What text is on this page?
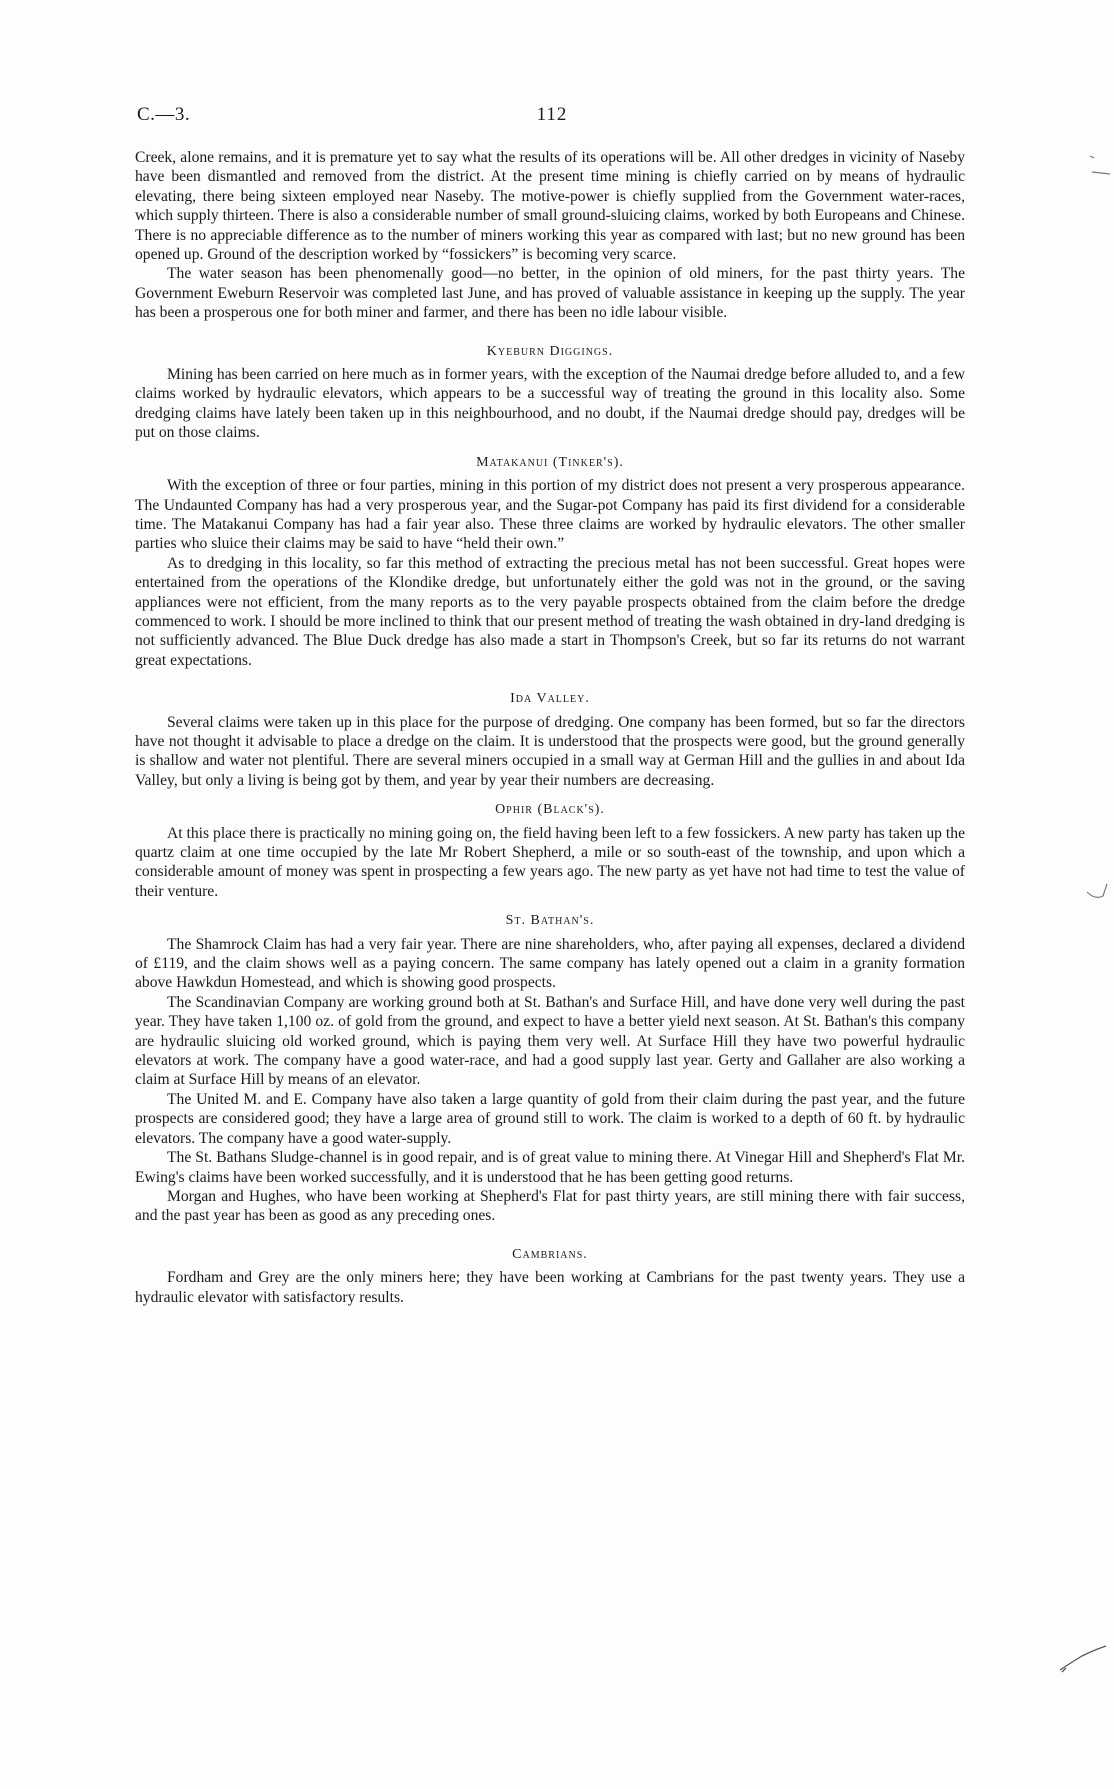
C.—3.	112

Creek, alone remains, and it is premature yet to say what the results of its operations will be. All other dredges in vicinity of Naseby have been dismantled and removed from the district. At the present time mining is chiefly carried on by means of hydraulic elevating, there being sixteen employed near Naseby. The motive-power is chiefly supplied from the Government water-races, which supply thirteen. There is also a considerable number of small ground-sluicing claims, worked by both Europeans and Chinese. There is no appreciable difference as to the number of miners working this year as compared with last; but no new ground has been opened up. Ground of the description worked by “fossickers” is becoming very scarce.

The water season has been phenomenally good—no better, in the opinion of old miners, for the past thirty years. The Government Eweburn Reservoir was completed last June, and has proved of valuable assistance in keeping up the supply. The year has been a prosperous one for both miner and farmer, and there has been no idle labour visible.

Kyeburn Diggings.

Mining has been carried on here much as in former years, with the exception of the Naumai dredge before alluded to, and a few claims worked by hydraulic elevators, which appears to be a successful way of treating the ground in this locality also. Some dredging claims have lately been taken up in this neighbourhood, and no doubt, if the Naumai dredge should pay, dredges will be put on those claims.

Matakanui (Tinker's).

With the exception of three or four parties, mining in this portion of my district does not present a very prosperous appearance. The Undaunted Company has had a very prosperous year, and the Sugar-pot Company has paid its first dividend for a considerable time. The Matakanui Company has had a fair year also. These three claims are worked by hydraulic elevators. The other smaller parties who sluice their claims may be said to have “held their own.”

As to dredging in this locality, so far this method of extracting the precious metal has not been successful. Great hopes were entertained from the operations of the Klondike dredge, but unfortunately either the gold was not in the ground, or the saving appliances were not efficient, from the many reports as to the very payable prospects obtained from the claim before the dredge commenced to work. I should be more inclined to think that our present method of treating the wash obtained in dry-land dredging is not sufficiently advanced. The Blue Duck dredge has also made a start in Thompson's Creek, but so far its returns do not warrant great expectations.

Ida Valley.

Several claims were taken up in this place for the purpose of dredging. One company has been formed, but so far the directors have not thought it advisable to place a dredge on the claim. It is understood that the prospects were good, but the ground generally is shallow and water not plentiful. There are several miners occupied in a small way at German Hill and the gullies in and about Ida Valley, but only a living is being got by them, and year by year their numbers are decreasing.

Ophir (Black's).

At this place there is practically no mining going on, the field having been left to a few fossickers. A new party has taken up the quartz claim at one time occupied by the late Mr Robert Shepherd, a mile or so south-east of the township, and upon which a considerable amount of money was spent in prospecting a few years ago. The new party as yet have not had time to test the value of their venture.

St. Bathan's.

The Shamrock Claim has had a very fair year. There are nine shareholders, who, after paying all expenses, declared a dividend of £119, and the claim shows well as a paying concern. The same company has lately opened out a claim in a granity formation above Hawkdun Homestead, and which is showing good prospects.

The Scandinavian Company are working ground both at St. Bathan's and Surface Hill, and have done very well during the past year. They have taken 1,100 oz. of gold from the ground, and expect to have a better yield next season. At St. Bathan's this company are hydraulic sluicing old worked ground, which is paying them very well. At Surface Hill they have two powerful hydraulic elevators at work. The company have a good water-race, and had a good supply last year. Gerty and Gallaher are also working a claim at Surface Hill by means of an elevator.

The United M. and E. Company have also taken a large quantity of gold from their claim during the past year, and the future prospects are considered good; they have a large area of ground still to work. The claim is worked to a depth of 60 ft. by hydraulic elevators. The company have a good water-supply.

The St. Bathans Sludge-channel is in good repair, and is of great value to mining there. At Vinegar Hill and Shepherd's Flat Mr. Ewing's claims have been worked successfully, and it is understood that he has been getting good returns.

Morgan and Hughes, who have been working at Shepherd's Flat for past thirty years, are still mining there with fair success, and the past year has been as good as any preceding ones.

Cambrians.

Fordham and Grey are the only miners here; they have been working at Cambrians for the past twenty years. They use a hydraulic elevator with satisfactory results.
